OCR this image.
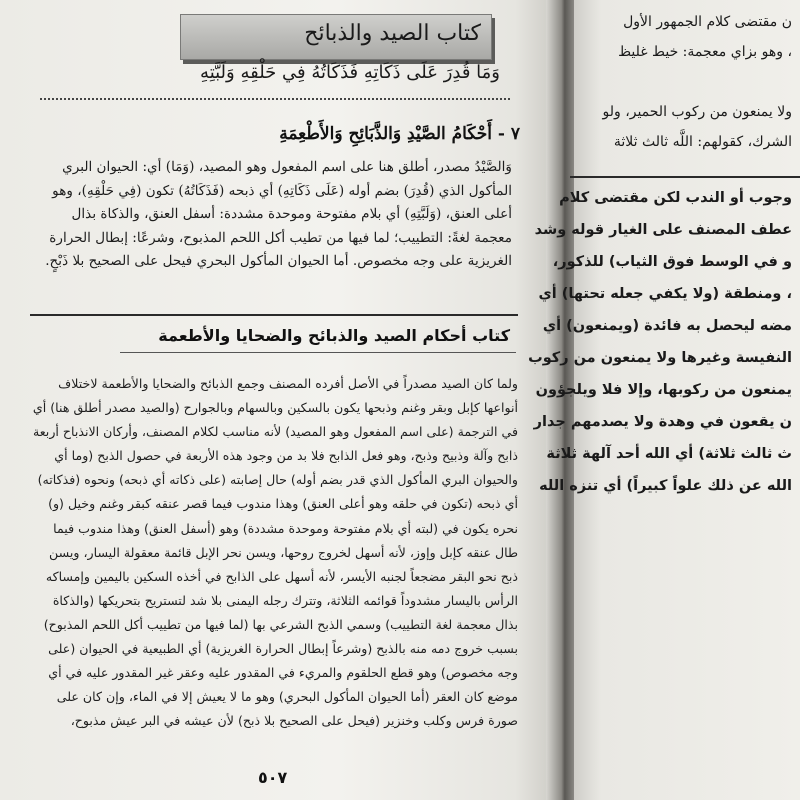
كتاب الصيد والذبائح
وَمَا قُدِرَ عَلَى ذَكَاتِهِ فَذَكَاتُهُ فِي حَلْقِهِ وَلَبَّتِهِ
٧ - أَحْكَامُ الصَّيْدِ وَالذَّبَائِحِ وَالأَطْعِمَةِ
وَالصَّيْدُ مصدر، أطلق هنا على اسم المفعول وهو المصيد، (وَمَا) أي: الحيوان البري المأكول الذي (قُدِرَ) بضم أوله (عَلَى ذَكَاتِهِ) أي ذبحه (فَذَكَاتُهُ) تكون (فِي حَلْقِهِ)، وهو أعلى العنق، (وَلَبَّتِهِ) أي بلام مفتوحة وموحدة مشددة: أسفل العنق، والذكاة بذال معجمة لغةً: التطييب؛ لما فيها من تطيب أكل اللحم المذبوح، وشرعًا: إبطال الحرارة الغريزية على وجه مخصوص. أما الحيوان المأكول البحري فيحل على الصحيح بلا ذَبْحٍ.
كتاب أحكام الصيد والذبائح والضحايا والأطعمة
ولما كان الصيد مصدراً في الأصل أفرده المصنف وجمع الذبائح والضحايا والأطعمة لاختلاف أنواعها كإبل وبقر وغنم وذبحها يكون بالسكين وبالسهام وبالجوارح (والصيد مصدر أطلق هنا) أي في الترجمة (على اسم المفعول وهو المصيد) لأنه مناسب لكلام المصنف، وأركان الانذباح أربعة ذابح وآلة وذبيح وذبح، وهو فعل الذابح فلا بد من وجود هذه الأربعة في حصول الذبح (وما أي والحيوان البري المأكول الذي قدر بضم أوله) حال إصابته (على ذكاته أي ذبحه) ونحوه (فذكاته) أي ذبحه (تكون في حلقه وهو أعلى العنق) وهذا مندوب فيما قصر عنقه كبقر وغنم وخيل (و) نحره يكون في (لبته أي بلام مفتوحة وموحدة مشددة) وهو (أسفل العنق) وهذا مندوب فيما طال عنقه كإبل وإوز، لأنه أسهل لخروج روحها، ويسن نحر الإبل قائمة معقولة اليسار، ويسن ذبح نحو البقر مضجعاً لجنبه الأيسر، لأنه أسهل على الذابح في أخذه السكين باليمين وإمساكه الرأس باليسار مشدوداً قوائمه الثلاثة، وتترك رجله اليمنى بلا شد لتستريح بتحريكها (والذكاة بذال معجمة لغة التطييب) وسمي الذبح الشرعي بها (لما فيها من تطييب أكل اللحم المذبوح) بسبب خروج دمه منه بالذبح (وشرعاً إبطال الحرارة الغريزية) أي الطبيعية في الحيوان (على وجه مخصوص) وهو قطع الحلقوم والمريء في المقدور عليه وعقر غير المقدور عليه في أي موضع كان العقر (أما الحيوان المأكول البحري) وهو ما لا يعيش إلا في الماء، وإن كان على صورة فرس وكلب وخنزير (فيحل على الصحيح بلا ذبح) لأن عيشه في البر عيش مذبوح،
٥٠٧
ن مقتضى كلام الجمهور الأول
، وهو بزاي معجمة: خيط غليظ
ولا يمنعون من ركوب الحمير، ولو
الشرك، كقولهم: اللَّه ثالث ثلاثة
وجوب أو الندب لكن مقتضى كلام
عطف المصنف على الغيار قوله وشد
و في الوسط فوق الثياب) للذكور،
، ومنطقة (ولا يكفي جعله تحتها) أي
مضه ليحصل به فائدة (ويمنعون) أي
النفيسة وغيرها ولا يمنعون من ركوب
يمنعون من ركوبها، وإلا فلا ويلجؤون
ن يقعون في وهدة ولا يصدمهم جدار
ث ثالث ثلاثة) أي الله أحد آلهة ثلاثة
الله عن ذلك علواً كبيراً) أي تنزه الله
